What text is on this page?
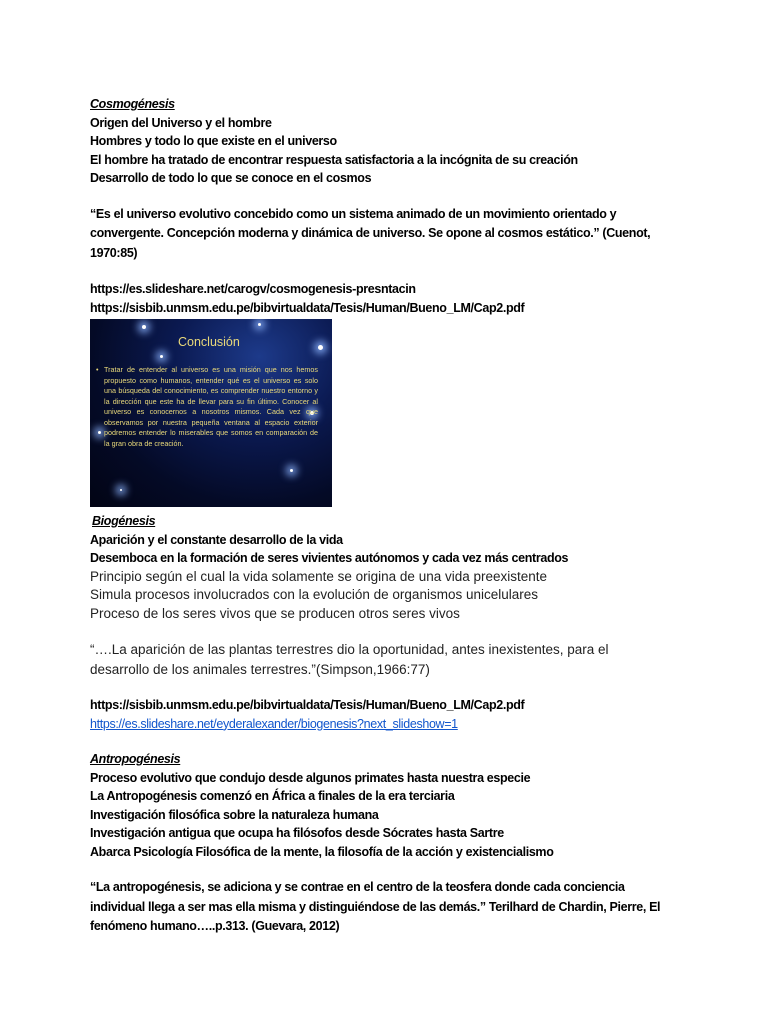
Cosmogénesis
Origen del Universo y el hombre
Hombres y todo lo que existe en el universo
El hombre ha tratado de encontrar respuesta satisfactoria a la incógnita de su creación
Desarrollo de todo lo que se conoce en el cosmos
“Es el universo evolutivo concebido como un sistema animado de un movimiento orientado y convergente. Concepción moderna y dinámica de universo. Se opone al cosmos estático.” (Cuenot, 1970:85)
https://es.slideshare.net/carogv/cosmogenesis-presntacin
https://sisbib.unmsm.edu.pe/bibvirtualdata/Tesis/Human/Bueno_LM/Cap2.pdf
Conclusión
• Tratar de entender al universo es una misión que nos hemos propuesto como humanos, entender qué es el universo es solo una búsqueda del conocimiento, es comprender nuestro entorno y la dirección que este ha de llevar para su fin último. Conocer al universo es conocernos a nosotros mismos. Cada vez que observamos por nuestra pequeña ventana al espacio exterior podremos entender lo miserables que somos en comparación de la gran obra de creación.
Biogénesis
Aparición y el constante desarrollo de la vida
Desemboca en la formación de seres vivientes autónomos y cada vez más centrados
Principio según el cual la vida solamente se origina de una vida preexistente
Simula procesos involucrados con la evolución de organismos unicelulares
Proceso de los seres vivos que se producen otros seres vivos
“….La aparición de las plantas terrestres dio la oportunidad, antes inexistentes, para el desarrollo de los animales terrestres.”(Simpson,1966:77)
https://sisbib.unmsm.edu.pe/bibvirtualdata/Tesis/Human/Bueno_LM/Cap2.pdf
https://es.slideshare.net/eyderalexander/biogenesis?next_slideshow=1
Antropogénesis
Proceso evolutivo que condujo desde algunos primates hasta nuestra especie
La Antropogénesis comenzó en África a finales de la era terciaria
Investigación filosófica sobre la naturaleza humana
Investigación antigua que ocupa ha filósofos desde Sócrates hasta Sartre
Abarca Psicología Filosófica de la mente, la filosofía de la acción y existencialismo
“La antropogénesis, se adiciona y se contrae en el centro de la teosfera donde cada conciencia individual llega a ser mas ella misma y distinguiéndose de las demás.” Terilhard de Chardin, Pierre, El fenómeno humano…..p.313. (Guevara, 2012)
